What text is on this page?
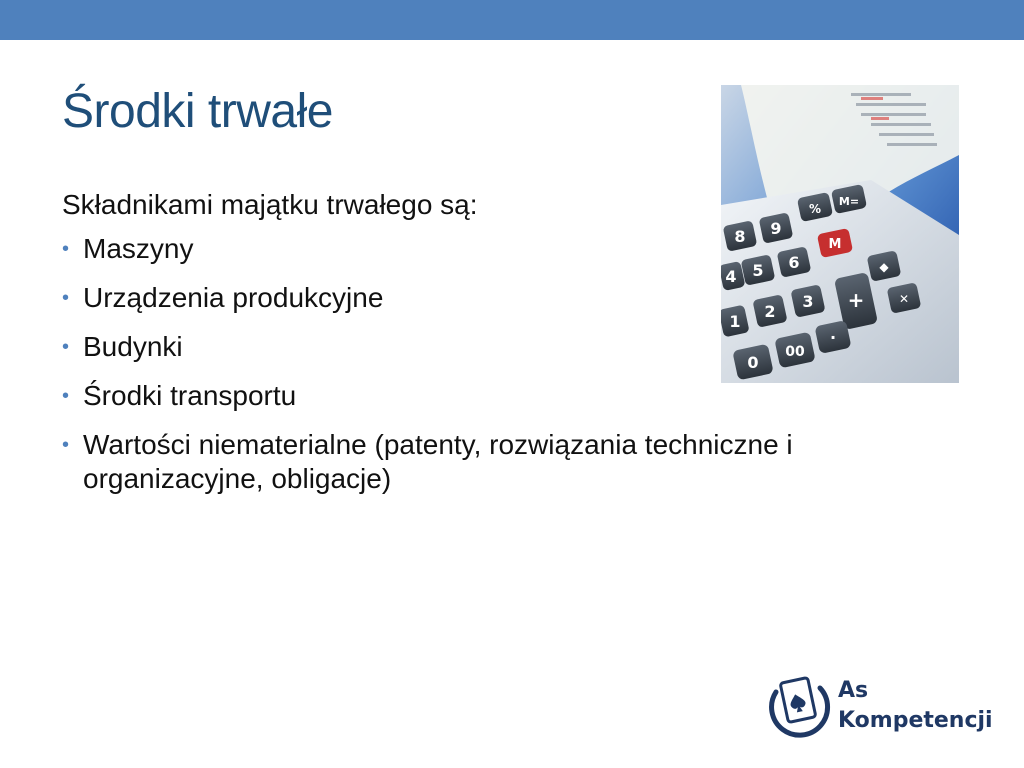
Środki trwałe

Składnikami majątku trwałego są:

• Maszyny
• Urządzenia produkcyjne
• Budynki
• Środki transportu
• Wartości niematerialne (patenty, rozwiązania techniczne i organizacyjne, obligacje)
%
M=
8 9
M
4 5 6	◆
1
2
3 +	✕
0
00
·
As
Kompetencji
